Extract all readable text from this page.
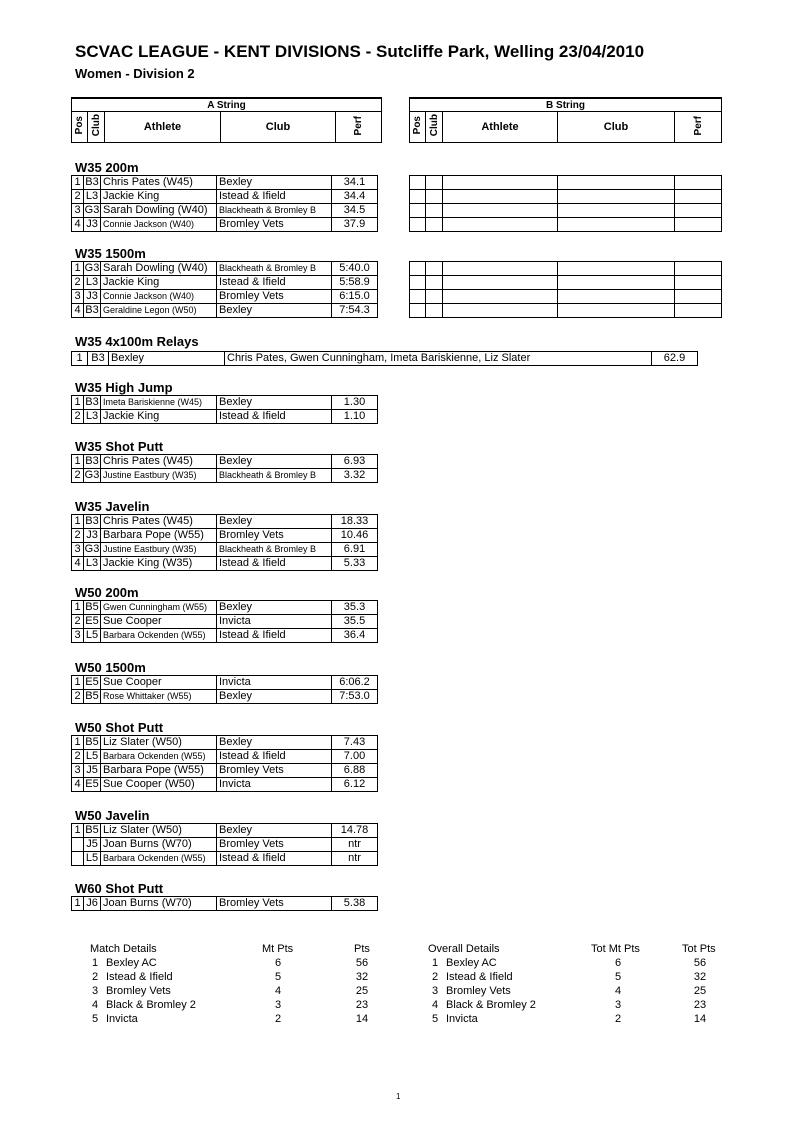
SCVAC LEAGUE - KENT DIVISIONS - Sutcliffe Park, Welling 23/04/2010
Women - Division 2
A String
Pos	Club	Athlete	Club	Perf
B String
Pos	Club	Athlete	Club	Perf
W35 200m
1	B3	Chris Pates (W45)	Bexley	34.1
2	L3	Jackie King	Istead & Ifield	34.4
3	G3	Sarah Dowling (W40)	Blackheath & Bromley B	34.5
4	J3	Connie Jackson (W40)	Bromley Vets	37.9

W35 1500m
1	G3	Sarah Dowling (W40)	Blackheath & Bromley B	5:40.0
2	L3	Jackie King	Istead & Ifield	5:58.9
3	J3	Connie Jackson (W40)	Bromley Vets	6:15.0
4	B3	Geraldine Legon (W50)	Bexley	7:54.3

W35 4x100m Relays
1	B3	Bexley	Chris Pates, Gwen Cunningham, Imeta Bariskienne, Liz Slater	62.9
W35 High Jump
1	B3	Imeta Bariskienne (W45)	Bexley	1.30
2	L3	Jackie King	Istead & Ifield	1.10
W35 Shot Putt
1	B3	Chris Pates (W45)	Bexley	6.93
2	G3	Justine Eastbury (W35)	Blackheath & Bromley B	3.32
W35 Javelin
1	B3	Chris Pates (W45)	Bexley	18.33
2	J3	Barbara Pope (W55)	Bromley Vets	10.46
3	G3	Justine Eastbury (W35)	Blackheath & Bromley B	6.91
4	L3	Jackie King (W35)	Istead & Ifield	5.33
W50 200m
1	B5	Gwen Cunningham (W55)	Bexley	35.3
2	E5	Sue Cooper	Invicta	35.5
3	L5	Barbara Ockenden (W55)	Istead & Ifield	36.4
W50 1500m
1	E5	Sue Cooper	Invicta	6:06.2
2	B5	Rose Whittaker (W55)	Bexley	7:53.0
W50 Shot Putt
1	B5	Liz Slater (W50)	Bexley	7.43
2	L5	Barbara Ockenden (W55)	Istead & Ifield	7.00
3	J5	Barbara Pope (W55)	Bromley Vets	6.88
4	E5	Sue Cooper (W50)	Invicta	6.12
W50 Javelin
1	B5	Liz Slater (W50)	Bexley	14.78
	J5	Joan Burns (W70)	Bromley Vets	ntr
	L5	Barbara Ockenden (W55)	Istead & Ifield	ntr
W60 Shot Putt
1	J6	Joan Burns (W70)	Bromley Vets	5.38
Match Details	Mt Pts	Pts
1 Bexley AC	6	56
2 Istead & Ifield	5	32
3 Bromley Vets	4	25
4 Black & Bromley 2	3	23
5 Invicta	2	14
Overall Details	Tot Mt Pts	Tot Pts
1 Bexley AC	6	56
2 Istead & Ifield	5	32
3 Bromley Vets	4	25
4 Black & Bromley 2	3	23
5 Invicta	2	14
1
